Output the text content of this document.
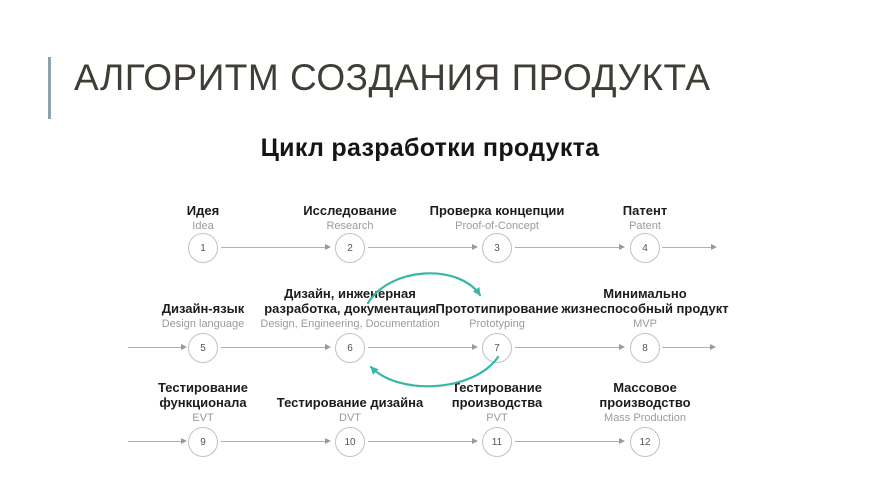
АЛГОРИТМ СОЗДАНИЯ ПРОДУКТА
Цикл разработки продукта
Идея
Idea
Исследование
Research
Проверка концепции
Proof-of-Concept
Патент
Patent
Дизайн-язык
Design language
Дизайн, инженерная разработка, документация
Design, Engineering, Documentation
Прототипирование
Prototyping
Минимально жизнеспособный продукт
MVP
Тестирование функционала
EVT
Тестирование дизайна
DVT
Тестирование производства
PVT
Массовое производство
Mass Production
1	2	3	4
5	6	7	8
9	10	11	12
